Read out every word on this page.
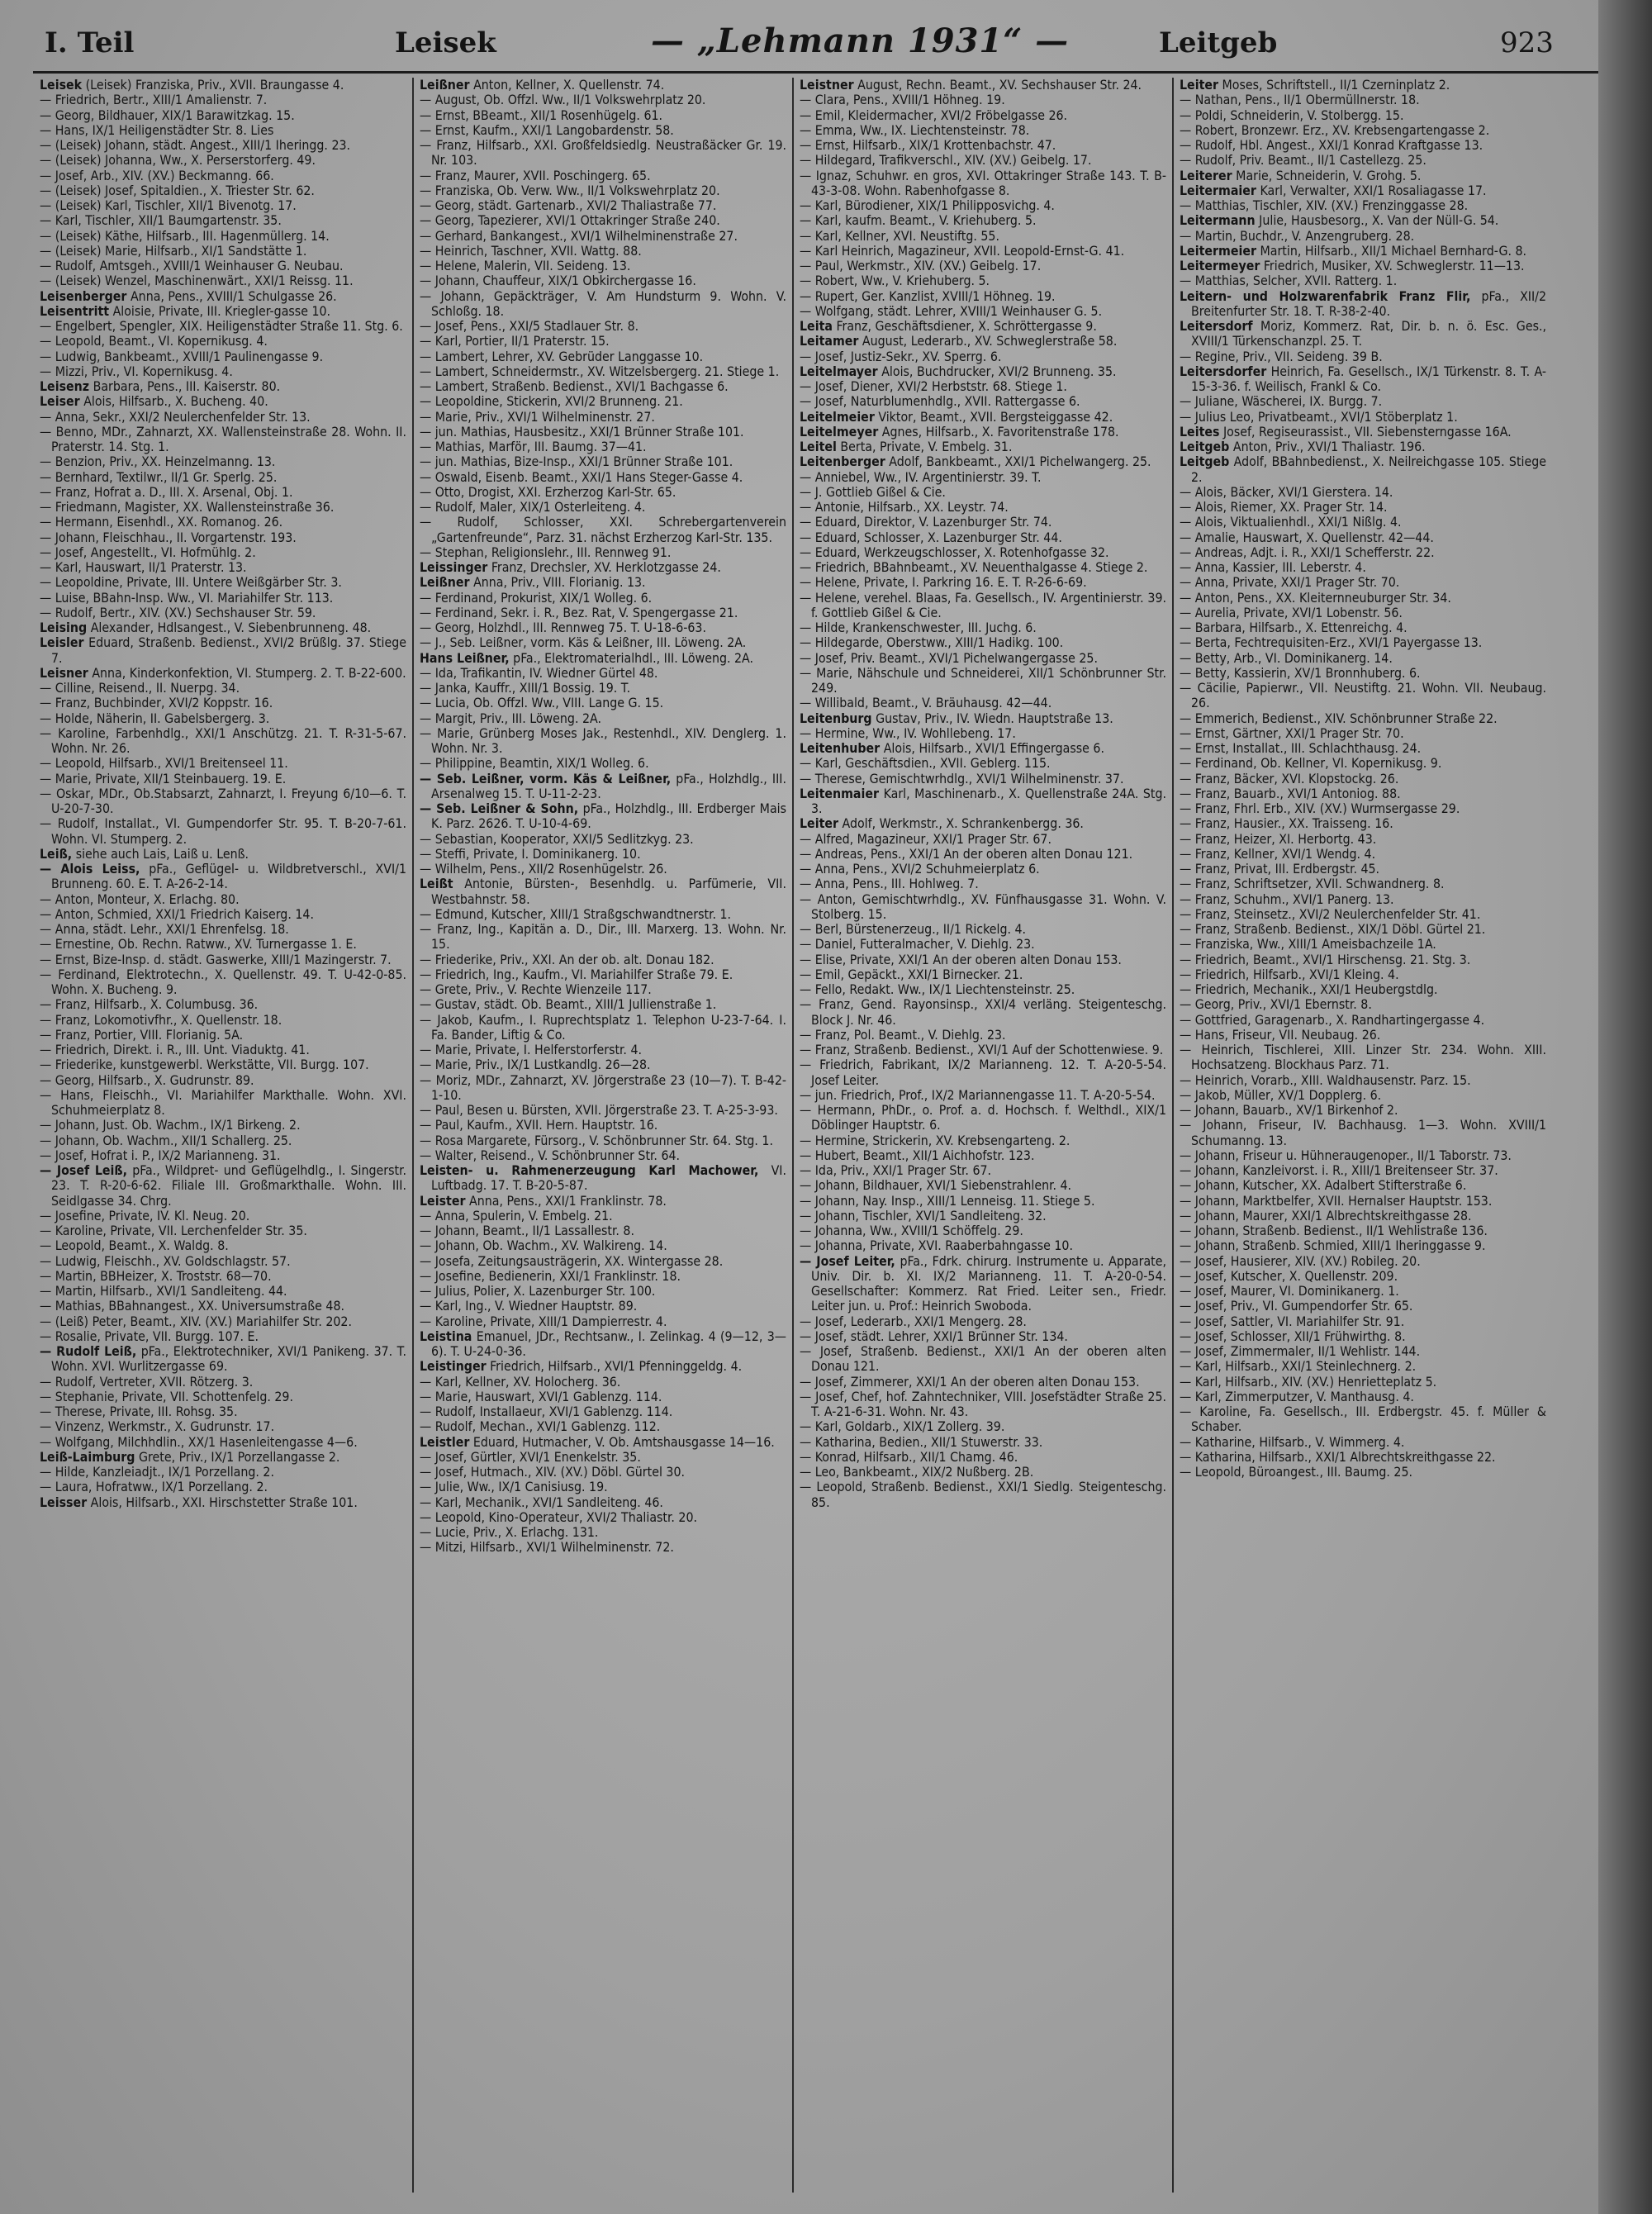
I. Teil	Leisek	— „Lehmann 1931“ —	Leitgeb	923

Leisek (Leisek) Franziska, Priv., XVII. Braungasse 4.

— Friedrich, Bertr., XIII/1 Amalienstr. 7.

— Georg, Bildhauer, XIX/1 Barawitzkag. 15.

— Hans, IX/1 Heiligenstädter Str. 8. Lies

— (Leisek) Johann, städt. Angest., XIII/1 Iheringg. 23.

— (Leisek) Johanna, Ww., X. Perserstorferg. 49.

— Josef, Arb., XIV. (XV.) Beckmanng. 66.

— (Leisek) Josef, Spitaldien., X. Triester Str. 62.

— (Leisek) Karl, Tischler, XII/1 Bivenotg. 17.

— Karl, Tischler, XII/1 Baumgartenstr. 35.

— (Leisek) Käthe, Hilfsarb., III. Hagenmüllerg. 14.

— (Leisek) Marie, Hilfsarb., XI/1 Sandstätte 1.

— Rudolf, Amtsgeh., XVIII/1 Weinhauser G. Neubau.

— (Leisek) Wenzel, Maschinenwärt., XXI/1 Reissg. 11.

Leisenberger Anna, Pens., XVIII/1 Schulgasse 26.

Leisentritt Aloisie, Private, III. Kriegler-gasse 10.

— Engelbert, Spengler, XIX. Heiligenstädter Straße 11. Stg. 6.

— Leopold, Beamt., VI. Kopernikusg. 4.

— Ludwig, Bankbeamt., XVIII/1 Paulinengasse 9.

— Mizzi, Priv., VI. Kopernikusg. 4.

Leisenz Barbara, Pens., III. Kaiserstr. 80.

Leiser Alois, Hilfsarb., X. Bucheng. 40.

— Anna, Sekr., XXI/2 Neulerchenfelder Str. 13.

— Benno, MDr., Zahnarzt, XX. Wallensteinstraße 28. Wohn. II. Praterstr. 14. Stg. 1.

— Benzion, Priv., XX. Heinzelmanng. 13.

— Bernhard, Textilwr., II/1 Gr. Sperlg. 25.

— Franz, Hofrat a. D., III. X. Arsenal, Obj. 1.

— Friedmann, Magister, XX. Wallensteinstraße 36.

— Hermann, Eisenhdl., XX. Romanog. 26.

— Johann, Fleischhau., II. Vorgartenstr. 193.

— Josef, Angestellt., VI. Hofmühlg. 2.

— Karl, Hauswart, II/1 Praterstr. 13.

— Leopoldine, Private, III. Untere Weißgärber Str. 3.

— Luise, BBahn-Insp. Ww., VI. Mariahilfer Str. 113.

— Rudolf, Bertr., XIV. (XV.) Sechshauser Str. 59.

Leising Alexander, Hdlsangest., V. Siebenbrunneng. 48.

Leisler Eduard, Straßenb. Bedienst., XVI/2 Brüßlg. 37. Stiege 7.

Leisner Anna, Kinderkonfektion, VI. Stumperg. 2. T. B-22-600.

— Cilline, Reisend., II. Nuerpg. 34.

— Franz, Buchbinder, XVI/2 Koppstr. 16.

— Holde, Näherin, II. Gabelsbergerg. 3.

— Karoline, Farbenhdlg., XXI/1 Anschützg. 21. T. R-31-5-67. Wohn. Nr. 26.

— Leopold, Hilfsarb., XVI/1 Breitenseel 11.

— Marie, Private, XII/1 Steinbauerg. 19. E.

— Oskar, MDr., Ob.Stabsarzt, Zahnarzt, I. Freyung 6/10—6. T. U-20-7-30.

— Rudolf, Installat., VI. Gumpendorfer Str. 95. T. B-20-7-61. Wohn. VI. Stumperg. 2.

Leiß, siehe auch Lais, Laiß u. Lenß.

— Alois Leiss, pFa., Geflügel- u. Wildbretverschl., XVI/1 Brunneng. 60. E. T. A-26-2-14.

— Anton, Monteur, X. Erlachg. 80.

— Anton, Schmied, XXI/1 Friedrich Kaiserg. 14.

— Anna, städt. Lehr., XXI/1 Ehrenfelsg. 18.

— Ernestine, Ob. Rechn. Ratww., XV. Turnergasse 1. E.

— Ernst, Bize-Insp. d. städt. Gaswerke, XIII/1 Mazingerstr. 7.

— Ferdinand, Elektrotechn., X. Quellenstr. 49. T. U-42-0-85. Wohn. X. Bucheng. 9.

— Franz, Hilfsarb., X. Columbusg. 36.

— Franz, Lokomotivfhr., X. Quellenstr. 18.

— Franz, Portier, VIII. Florianig. 5A.

— Friedrich, Direkt. i. R., III. Unt. Viaduktg. 41.

— Friederike, kunstgewerbl. Werkstätte, VII. Burgg. 107.

— Georg, Hilfsarb., X. Gudrunstr. 89.

— Hans, Fleischh., VI. Mariahilfer Markthalle. Wohn. XVI. Schuhmeierplatz 8.

— Johann, Just. Ob. Wachm., IX/1 Birkeng. 2.

— Johann, Ob. Wachm., XII/1 Schallerg. 25.

— Josef, Hofrat i. P., IX/2 Marianneng. 31.

— Josef Leiß, pFa., Wildpret- und Geflügelhdlg., I. Singerstr. 23. T. R-20-6-62. Filiale III. Großmarkthalle. Wohn. III. Seidlgasse 34. Chrg.

— Josefine, Private, IV. Kl. Neug. 20.

— Karoline, Private, VII. Lerchenfelder Str. 35.

— Leopold, Beamt., X. Waldg. 8.

— Ludwig, Fleischh., XV. Goldschlagstr. 57.

— Martin, BBHeizer, X. Troststr. 68—70.

— Martin, Hilfsarb., XVI/1 Sandleiteng. 44.

— Mathias, BBahnangest., XX. Universumstraße 48.

— (Leiß) Peter, Beamt., XIV. (XV.) Mariahilfer Str. 202.

— Rosalie, Private, VII. Burgg. 107. E.

— Rudolf Leiß, pFa., Elektrotechniker, XVI/1 Panikeng. 37. T. Wohn. XVI. Wurlitzergasse 69.

— Rudolf, Vertreter, XVII. Rötzerg. 3.

— Stephanie, Private, VII. Schottenfelg. 29.

— Therese, Private, III. Rohsg. 35.

— Vinzenz, Werkmstr., X. Gudrunstr. 17.

— Wolfgang, Milchhdlin., XX/1 Hasenleitengasse 4—6.

Leiß-Laimburg Grete, Priv., IX/1 Porzellangasse 2.

— Hilde, Kanzleiadjt., IX/1 Porzellang. 2.

— Laura, Hofratww., IX/1 Porzellang. 2.

Leisser Alois, Hilfsarb., XXI. Hirschstetter Straße 101.

Leißner Anton, Kellner, X. Quellenstr. 74.

— August, Ob. Offzl. Ww., II/1 Volkswehrplatz 20.

— Ernst, BBeamt., XII/1 Rosenhügelg. 61.

— Ernst, Kaufm., XXI/1 Langobardenstr. 58.

— Franz, Hilfsarb., XXI. Großfeldsiedlg. Neustraßäcker Gr. 19. Nr. 103.

— Franz, Maurer, XVII. Poschingerg. 65.

— Franziska, Ob. Verw. Ww., II/1 Volkswehrplatz 20.

— Georg, städt. Gartenarb., XVI/2 Thaliastraße 77.

— Georg, Tapezierer, XVI/1 Ottakringer Straße 240.

— Gerhard, Bankangest., XVI/1 Wilhelminenstraße 27.

— Heinrich, Taschner, XVII. Wattg. 88.

— Helene, Malerin, VII. Seideng. 13.

— Johann, Chauffeur, XIX/1 Obkirchergasse 16.

— Johann, Gepäckträger, V. Am Hundsturm 9. Wohn. V. Schloßg. 18.

— Josef, Pens., XXI/5 Stadlauer Str. 8.

— Karl, Portier, II/1 Praterstr. 15.

— Lambert, Lehrer, XV. Gebrüder Langgasse 10.

— Lambert, Schneidermstr., XV. Witzelsbergerg. 21. Stiege 1.

— Lambert, Straßenb. Bedienst., XVI/1 Bachgasse 6.

— Leopoldine, Stickerin, XVI/2 Brunneng. 21.

— Marie, Priv., XVI/1 Wilhelminenstr. 27.

— jun. Mathias, Hausbesitz., XXI/1 Brünner Straße 101.

— Mathias, Marför, III. Baumg. 37—41.

— jun. Mathias, Bize-Insp., XXI/1 Brünner Straße 101.

— Oswald, Eisenb. Beamt., XXI/1 Hans Steger-Gasse 4.

— Otto, Drogist, XXI. Erzherzog Karl-Str. 65.

— Rudolf, Maler, XIX/1 Osterleiteng. 4.

— Rudolf, Schlosser, XXI. Schrebergartenverein „Gartenfreunde“, Parz. 31. nächst Erzherzog Karl-Str. 135.

— Stephan, Religionslehr., III. Rennweg 91.

Leissinger Franz, Drechsler, XV. Herklotzgasse 24.

Leißner Anna, Priv., VIII. Florianig. 13.

— Ferdinand, Prokurist, XIX/1 Wolleg. 6.

— Ferdinand, Sekr. i. R., Bez. Rat, V. Spengergasse 21.

— Georg, Holzhdl., III. Rennweg 75. T. U-18-6-63.

— J., Seb. Leißner, vorm. Käs & Leißner, III. Löweng. 2A.

Hans Leißner, pFa., Elektromaterialhdl., III. Löweng. 2A.

— Ida, Trafikantin, IV. Wiedner Gürtel 48.

— Janka, Kauffr., XIII/1 Bossig. 19. T.

— Lucia, Ob. Offzl. Ww., VIII. Lange G. 15.

— Margit, Priv., III. Löweng. 2A.

— Marie, Grünberg Moses Jak., Restenhdl., XIV. Denglerg. 1. Wohn. Nr. 3.

— Philippine, Beamtin, XIX/1 Wolleg. 6.

— Seb. Leißner, vorm. Käs & Leißner, pFa., Holzhdlg., III. Arsenalweg 15. T. U-11-2-23.

— Seb. Leißner & Sohn, pFa., Holzhdlg., III. Erdberger Mais K. Parz. 2626. T. U-10-4-69.

— Sebastian, Kooperator, XXI/5 Sedlitzkyg. 23.

— Steffi, Private, I. Dominikanerg. 10.

— Wilhelm, Pens., XII/2 Rosenhügelstr. 26.

Leißt Antonie, Bürsten-, Besenhdlg. u. Parfümerie, VII. Westbahnstr. 58.

— Edmund, Kutscher, XIII/1 Straßgschwandtnerstr. 1.

— Franz, Ing., Kapitän a. D., Dir., III. Marxerg. 13. Wohn. Nr. 15.

— Friederike, Priv., XXI. An der ob. alt. Donau 182.

— Friedrich, Ing., Kaufm., VI. Mariahilfer Straße 79. E.

— Grete, Priv., V. Rechte Wienzeile 117.

— Gustav, städt. Ob. Beamt., XIII/1 Jullienstraße 1.

— Jakob, Kaufm., I. Ruprechtsplatz 1. Telephon U-23-7-64. I. Fa. Bander, Liftig & Co.

— Marie, Private, I. Helferstorferstr. 4.

— Marie, Priv., IX/1 Lustkandlg. 26—28.

— Moriz, MDr., Zahnarzt, XV. Jörgerstraße 23 (10—7). T. B-42-1-10.

— Paul, Besen u. Bürsten, XVII. Jörgerstraße 23. T. A-25-3-93.

— Paul, Kaufm., XVII. Hern. Hauptstr. 16.

— Rosa Margarete, Fürsorg., V. Schönbrunner Str. 64. Stg. 1.

— Walter, Reisend., V. Schönbrunner Str. 64.

Leisten- u. Rahmenerzeugung Karl Machower, VI. Luftbadg. 17. T. B-20-5-87.

Leister Anna, Pens., XXI/1 Franklinstr. 78.

— Anna, Spulerin, V. Embelg. 21.

— Johann, Beamt., II/1 Lassallestr. 8.

— Johann, Ob. Wachm., XV. Walkireng. 14.

— Josefa, Zeitungsausträgerin, XX. Wintergasse 28.

— Josefine, Bedienerin, XXI/1 Franklinstr. 18.

— Julius, Polier, X. Lazenburger Str. 100.

— Karl, Ing., V. Wiedner Hauptstr. 89.

— Karoline, Private, XIII/1 Dampierrestr. 4.

Leistina Emanuel, JDr., Rechtsanw., I. Zelinkag. 4 (9—12, 3—6). T. U-24-0-36.

Leistinger Friedrich, Hilfsarb., XVI/1 Pfenninggeldg. 4.

— Karl, Kellner, XV. Holocherg. 36.

— Marie, Hauswart, XVI/1 Gablenzg. 114.

— Rudolf, Installaeur, XVI/1 Gablenzg. 114.

— Rudolf, Mechan., XVI/1 Gablenzg. 112.

Leistler Eduard, Hutmacher, V. Ob. Amtshausgasse 14—16.

— Josef, Gürtler, XVI/1 Enenkelstr. 35.

— Josef, Hutmach., XIV. (XV.) Döbl. Gürtel 30.

— Julie, Ww., IX/1 Canisiusg. 19.

— Karl, Mechanik., XVI/1 Sandleiteng. 46.

— Leopold, Kino-Operateur, XVI/2 Thaliastr. 20.

— Lucie, Priv., X. Erlachg. 131.

— Mitzi, Hilfsarb., XVI/1 Wilhelminenstr. 72.

Leistner August, Rechn. Beamt., XV. Sechshauser Str. 24.

— Clara, Pens., XVIII/1 Höhneg. 19.

— Emil, Kleidermacher, XVI/2 Fröbelgasse 26.

— Emma, Ww., IX. Liechtensteinstr. 78.

— Ernst, Hilfsarb., XIX/1 Krottenbachstr. 47.

— Hildegard, Trafikverschl., XIV. (XV.) Geibelg. 17.

— Ignaz, Schuhwr. en gros, XVI. Ottakringer Straße 143. T. B-43-3-08. Wohn. Rabenhofgasse 8.

— Karl, Bürodiener, XIX/1 Philipposvichg. 4.

— Karl, kaufm. Beamt., V. Kriehuberg. 5.

— Karl, Kellner, XVI. Neustiftg. 55.

— Karl Heinrich, Magazineur, XVII. Leopold-Ernst-G. 41.

— Paul, Werkmstr., XIV. (XV.) Geibelg. 17.

— Robert, Ww., V. Kriehuberg. 5.

— Rupert, Ger. Kanzlist, XVIII/1 Höhneg. 19.

— Wolfgang, städt. Lehrer, XVIII/1 Weinhauser G. 5.

Leita Franz, Geschäftsdiener, X. Schröttergasse 9.

Leitamer August, Lederarb., XV. Schweglerstraße 58.

— Josef, Justiz-Sekr., XV. Sperrg. 6.

Leitelmayer Alois, Buchdrucker, XVI/2 Brunneng. 35.

— Josef, Diener, XVI/2 Herbststr. 68. Stiege 1.

— Josef, Naturblumenhdlg., XVII. Rattergasse 6.

Leitelmeier Viktor, Beamt., XVII. Bergsteiggasse 42.

Leitelmeyer Agnes, Hilfsarb., X. Favoritenstraße 178.

Leitel Berta, Private, V. Embelg. 31.

Leitenberger Adolf, Bankbeamt., XXI/1 Pichelwangerg. 25.

— Anniebel, Ww., IV. Argentinierstr. 39. T.

— J. Gottlieb Gißel & Cie.

— Antonie, Hilfsarb., XX. Leystr. 74.

— Eduard, Direktor, V. Lazenburger Str. 74.

— Eduard, Schlosser, X. Lazenburger Str. 44.

— Eduard, Werkzeugschlosser, X. Rotenhofgasse 32.

— Friedrich, BBahnbeamt., XV. Neuenthalgasse 4. Stiege 2.

— Helene, Private, I. Parkring 16. E. T. R-26-6-69.

— Helene, verehel. Blaas, Fa. Gesellsch., IV. Argentinierstr. 39. f. Gottlieb Gißel & Cie.

— Hilde, Krankenschwester, III. Juchg. 6.

— Hildegarde, Oberstww., XIII/1 Hadikg. 100.

— Josef, Priv. Beamt., XVI/1 Pichelwangergasse 25.

— Marie, Nähschule und Schneiderei, XII/1 Schönbrunner Str. 249.

— Willibald, Beamt., V. Bräuhausg. 42—44.

Leitenburg Gustav, Priv., IV. Wiedn. Hauptstraße 13.

— Hermine, Ww., IV. Wohllebeng. 17.

Leitenhuber Alois, Hilfsarb., XVI/1 Effingergasse 6.

— Karl, Geschäftsdien., XVII. Geblerg. 115.

— Therese, Gemischtwrhdlg., XVI/1 Wilhelminenstr. 37.

Leitenmaier Karl, Maschinenarb., X. Quellenstraße 24A. Stg. 3.

Leiter Adolf, Werkmstr., X. Schrankenbergg. 36.

— Alfred, Magazineur, XXI/1 Prager Str. 67.

— Andreas, Pens., XXI/1 An der oberen alten Donau 121.

— Anna, Pens., XVI/2 Schuhmeierplatz 6.

— Anna, Pens., III. Hohlweg. 7.

— Anton, Gemischtwrhdlg., XV. Fünfhausgasse 31. Wohn. V. Stolberg. 15.

— Berl, Bürstenerzeug., II/1 Rickelg. 4.

— Daniel, Futteralmacher, V. Diehlg. 23.

— Elise, Private, XXI/1 An der oberen alten Donau 153.

— Emil, Gepäckt., XXI/1 Birnecker. 21.

— Fello, Redakt. Ww., IX/1 Liechtensteinstr. 25.

— Franz, Gend. Rayonsinsp., XXI/4 verläng. Steigenteschg. Block J. Nr. 46.

— Franz, Pol. Beamt., V. Diehlg. 23.

— Franz, Straßenb. Bedienst., XVI/1 Auf der Schottenwiese. 9.

— Friedrich, Fabrikant, IX/2 Marianneng. 12. T. A-20-5-54. Josef Leiter.

— jun. Friedrich, Prof., IX/2 Mariannengasse 11. T. A-20-5-54.

— Hermann, PhDr., o. Prof. a. d. Hochsch. f. Welthdl., XIX/1 Döblinger Hauptstr. 6.

— Hermine, Strickerin, XV. Krebsengarteng. 2.

— Hubert, Beamt., XII/1 Aichhofstr. 123.

— Ida, Priv., XXI/1 Prager Str. 67.

— Johann, Bildhauer, XVI/1 Siebenstrahlenr. 4.

— Johann, Nay. Insp., XIII/1 Lenneisg. 11. Stiege 5.

— Johann, Tischler, XVI/1 Sandleiteng. 32.

— Johanna, Ww., XVIII/1 Schöffelg. 29.

— Johanna, Private, XVI. Raaberbahngasse 10.

— Josef Leiter, pFa., Fdrk. chirurg. Instrumente u. Apparate, Univ. Dir. b. XI. IX/2 Marianneng. 11. T. A-20-0-54. Gesellschafter: Kommerz. Rat Fried. Leiter sen., Friedr. Leiter jun. u. Prof.: Heinrich Swoboda.

— Josef, Lederarb., XXI/1 Mengerg. 28.

— Josef, städt. Lehrer, XXI/1 Brünner Str. 134.

— Josef, Straßenb. Bedienst., XXI/1 An der oberen alten Donau 121.

— Josef, Zimmerer, XXI/1 An der oberen alten Donau 153.

— Josef, Chef, hof. Zahntechniker, VIII. Josefstädter Straße 25. T. A-21-6-31. Wohn. Nr. 43.

— Karl, Goldarb., XIX/1 Zollerg. 39.

— Katharina, Bedien., XII/1 Stuwerstr. 33.

— Konrad, Hilfsarb., XII/1 Chamg. 46.

— Leo, Bankbeamt., XIX/2 Nußberg. 2B.

— Leopold, Straßenb. Bedienst., XXI/1 Siedlg. Steigenteschg. 85.

Leiter Moses, Schriftstell., II/1 Czerninplatz 2.

— Nathan, Pens., II/1 Obermüllnerstr. 18.

— Poldi, Schneiderin, V. Stolbergg. 15.

— Robert, Bronzewr. Erz., XV. Krebsengartengasse 2.

— Rudolf, Hbl. Angest., XXI/1 Konrad Kraftgasse 13.

— Rudolf, Priv. Beamt., II/1 Castellezg. 25.

Leiterer Marie, Schneiderin, V. Grohg. 5.

Leitermaier Karl, Verwalter, XXI/1 Rosaliagasse 17.

— Matthias, Tischler, XIV. (XV.) Frenzinggasse 28.

Leitermann Julie, Hausbesorg., X. Van der Nüll-G. 54.

— Martin, Buchdr., V. Anzengruberg. 28.

Leitermeier Martin, Hilfsarb., XII/1 Michael Bernhard-G. 8.

Leitermeyer Friedrich, Musiker, XV. Schweglerstr. 11—13.

— Matthias, Selcher, XVII. Ratterg. 1.

Leitern- und Holzwarenfabrik Franz Flir, pFa., XII/2 Breitenfurter Str. 18. T. R-38-2-40.

Leitersdorf Moriz, Kommerz. Rat, Dir. b. n. ö. Esc. Ges., XVIII/1 Türkenschanzpl. 25. T.

— Regine, Priv., VII. Seideng. 39 B.

Leitersdorfer Heinrich, Fa. Gesellsch., IX/1 Türkenstr. 8. T. A-15-3-36. f. Weilisch, Frankl & Co.

— Juliane, Wäscherei, IX. Burgg. 7.

— Julius Leo, Privatbeamt., XVI/1 Stöberplatz 1.

Leites Josef, Regiseurassist., VII. Siebensterngasse 16A.

Leitgeb Anton, Priv., XVI/1 Thaliastr. 196.

Leitgeb Adolf, BBahnbedienst., X. Neilreichgasse 105. Stiege 2.

— Alois, Bäcker, XVI/1 Gierstera. 14.

— Alois, Riemer, XX. Prager Str. 14.

— Alois, Viktualienhdl., XXI/1 Nißlg. 4.

— Amalie, Hauswart, X. Quellenstr. 42—44.

— Andreas, Adjt. i. R., XXI/1 Schefferstr. 22.

— Anna, Kassier, III. Leberstr. 4.

— Anna, Private, XXI/1 Prager Str. 70.

— Anton, Pens., XX. Kleiternneuburger Str. 34.

— Aurelia, Private, XVI/1 Lobenstr. 56.

— Barbara, Hilfsarb., X. Ettenreichg. 4.

— Berta, Fechtrequisiten-Erz., XVI/1 Payergasse 13.

— Betty, Arb., VI. Dominikanerg. 14.

— Betty, Kassierin, XV/1 Bronnhuberg. 6.

— Cäcilie, Papierwr., VII. Neustiftg. 21. Wohn. VII. Neubaug. 26.

— Emmerich, Bedienst., XIV. Schönbrunner Straße 22.

— Ernst, Gärtner, XXI/1 Prager Str. 70.

— Ernst, Installat., III. Schlachthausg. 24.

— Ferdinand, Ob. Kellner, VI. Kopernikusg. 9.

— Franz, Bäcker, XVI. Klopstockg. 26.

— Franz, Bauarb., XVI/1 Antoniog. 88.

— Franz, Fhrl. Erb., XIV. (XV.) Wurmsergasse 29.

— Franz, Hausier., XX. Traisseng. 16.

— Franz, Heizer, XI. Herbortg. 43.

— Franz, Kellner, XVI/1 Wendg. 4.

— Franz, Privat, III. Erdbergstr. 45.

— Franz, Schriftsetzer, XVII. Schwandnerg. 8.

— Franz, Schuhm., XVI/1 Panerg. 13.

— Franz, Steinsetz., XVI/2 Neulerchenfelder Str. 41.

— Franz, Straßenb. Bedienst., XIX/1 Döbl. Gürtel 21.

— Franziska, Ww., XIII/1 Ameisbachzeile 1A.

— Friedrich, Beamt., XVI/1 Hirschensg. 21. Stg. 3.

— Friedrich, Hilfsarb., XVI/1 Kleing. 4.

— Friedrich, Mechanik., XXI/1 Heubergstdlg.

— Georg, Priv., XVI/1 Ebernstr. 8.

— Gottfried, Garagenarb., X. Randhartingergasse 4.

— Hans, Friseur, VII. Neubaug. 26.

— Heinrich, Tischlerei, XIII. Linzer Str. 234. Wohn. XIII. Hochsatzeng. Blockhaus Parz. 71.

— Heinrich, Vorarb., XIII. Waldhausenstr. Parz. 15.

— Jakob, Müller, XV/1 Dopplerg. 6.

— Johann, Bauarb., XV/1 Birkenhof 2.

— Johann, Friseur, IV. Bachhausg. 1—3. Wohn. XVIII/1 Schumanng. 13.

— Johann, Friseur u. Hühneraugenoper., II/1 Taborstr. 73.

— Johann, Kanzleivorst. i. R., XIII/1 Breitenseer Str. 37.

— Johann, Kutscher, XX. Adalbert Stifterstraße 6.

— Johann, Marktbelfer, XVII. Hernalser Hauptstr. 153.

— Johann, Maurer, XXI/1 Albrechtskreithgasse 28.

— Johann, Straßenb. Bedienst., II/1 Wehlistraße 136.

— Johann, Straßenb. Schmied, XIII/1 Iheringgasse 9.

— Josef, Hausierer, XIV. (XV.) Robileg. 20.

— Josef, Kutscher, X. Quellenstr. 209.

— Josef, Maurer, VI. Dominikanerg. 1.

— Josef, Priv., VI. Gumpendorfer Str. 65.

— Josef, Sattler, VI. Mariahilfer Str. 91.

— Josef, Schlosser, XII/1 Frühwirthg. 8.

— Josef, Zimmermaler, II/1 Wehlistr. 144.

— Karl, Hilfsarb., XXI/1 Steinlechnerg. 2.

— Karl, Hilfsarb., XIV. (XV.) Henrietteplatz 5.

— Karl, Zimmerputzer, V. Manthausg. 4.

— Karoline, Fa. Gesellsch., III. Erdbergstr. 45. f. Müller & Schaber.

— Katharine, Hilfsarb., V. Wimmerg. 4.

— Katharina, Hilfsarb., XXI/1 Albrechtskreithgasse 22.

— Leopold, Büroangest., III. Baumg. 25.
